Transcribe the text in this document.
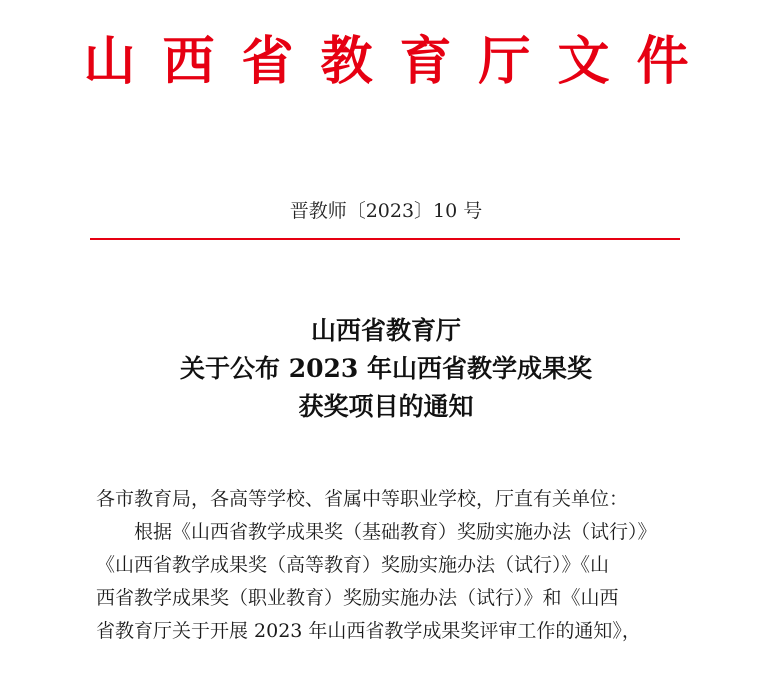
山西省教育厅文件
晋教师〔2023〕10 号
山西省教育厅
关于公布 2023 年山西省教学成果奖
获奖项目的通知
各市教育局，各高等学校、省属中等职业学校，厅直有关单位：
根据《山西省教学成果奖（基础教育）奖励实施办法（试行）》
《山西省教学成果奖（高等教育）奖励实施办法（试行）》《山
西省教学成果奖（职业教育）奖励实施办法（试行）》和《山西
省教育厅关于开展 2023 年山西省教学成果奖评审工作的通知》，
